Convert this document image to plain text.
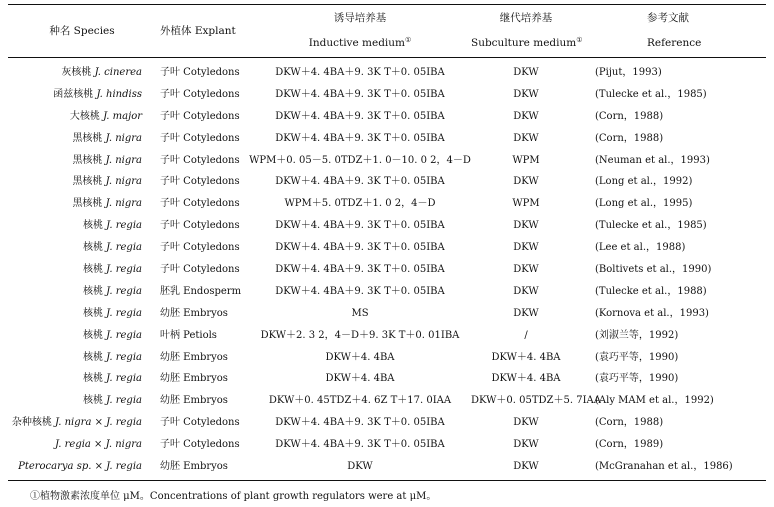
种名 Species	外植体 Explant	诱导培养基	继代培养基	参考文献
		Inductive medium①	Subculture medium①	Reference
灰核桃 J. cinerea	子叶 Cotyledons	DKW＋4. 4BA＋9. 3K T＋0. 05IBA	DKW	(Pijut，1993)
函兹核桃 J. hindiss	子叶 Cotyledons	DKW＋4. 4BA＋9. 3K T＋0. 05IBA	DKW	(Tulecke et al.，1985)
大核桃 J. major	子叶 Cotyledons	DKW＋4. 4BA＋9. 3K T＋0. 05IBA	DKW	(Corn，1988)
黑核桃 J. nigra	子叶 Cotyledons	DKW＋4. 4BA＋9. 3K T＋0. 05IBA	DKW	(Corn，1988)
黑核桃 J. nigra	子叶 Cotyledons	WPM＋0. 05－5. 0TDZ＋1. 0－10. 0 2，4－D	WPM	(Neuman et al.，1993)
黑核桃 J. nigra	子叶 Cotyledons	DKW＋4. 4BA＋9. 3K T＋0. 05IBA	DKW	(Long et al.，1992)
黑核桃 J. nigra	子叶 Cotyledons	WPM＋5. 0TDZ＋1. 0 2，4－D	WPM	(Long et al.，1995)
核桃 J. regia	子叶 Cotyledons	DKW＋4. 4BA＋9. 3K T＋0. 05IBA	DKW	(Tulecke et al.，1985)
核桃 J. regia	子叶 Cotyledons	DKW＋4. 4BA＋9. 3K T＋0. 05IBA	DKW	(Lee et al.，1988)
核桃 J. regia	子叶 Cotyledons	DKW＋4. 4BA＋9. 3K T＋0. 05IBA	DKW	(Boltivets et al.，1990)
核桃 J. regia	胚乳 Endosperm	DKW＋4. 4BA＋9. 3K T＋0. 05IBA	DKW	(Tulecke et al.，1988)
核桃 J. regia	幼胚 Embryos	MS	DKW	(Kornova et al.，1993)
核桃 J. regia	叶柄 Petiols	DKW＋2. 3 2，4－D＋9. 3K T＋0. 01IBA	/	(刘淑兰等，1992)
核桃 J. regia	幼胚 Embryos	DKW＋4. 4BA	DKW＋4. 4BA	(袁巧平等，1990)
核桃 J. regia	幼胚 Embryos	DKW＋4. 4BA	DKW＋4. 4BA	(袁巧平等，1990)
核桃 J. regia	幼胚 Embryos	DKW＋0. 45TDZ＋4. 6Z T＋17. 0IAA	DKW＋0. 05TDZ＋5. 7IAA	(Aly MAM et al.，1992)
杂种核桃 J. nigra × J. regia	子叶 Cotyledons	DKW＋4. 4BA＋9. 3K T＋0. 05IBA	DKW	(Corn，1988)
J. regia × J. nigra	子叶 Cotyledons	DKW＋4. 4BA＋9. 3K T＋0. 05IBA	DKW	(Corn，1989)
Pterocarya sp. × J. regia	幼胚 Embryos	DKW	DKW	(McGranahan et al.，1986)
①植物激素浓度单位 μM。Concentrations of plant growth regulators were at μM。
